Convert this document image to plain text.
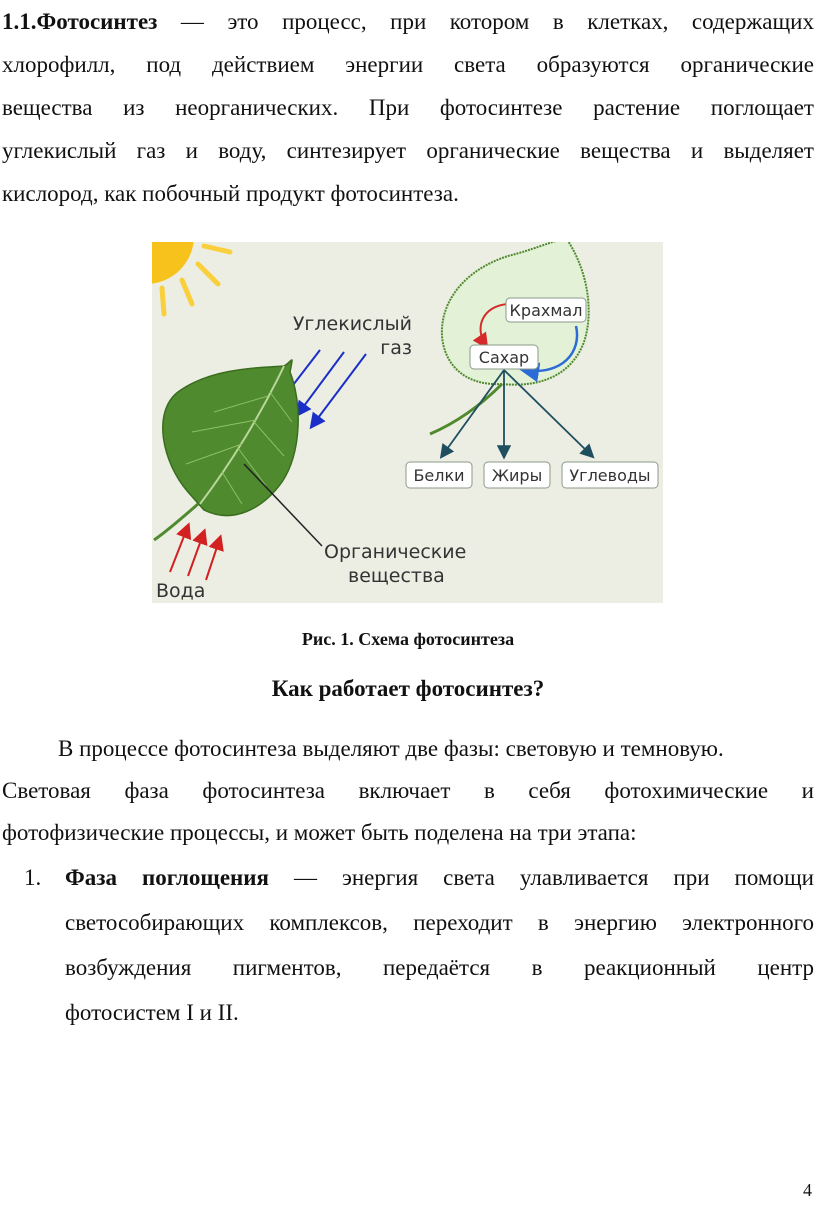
1.1.Фотосинтез — это процесс, при котором в клетках, содержащих
хлорофилл, под действием энергии света образуются органические
вещества из неорганических. При фотосинтезе растение поглощает
углекислый газ и воду, синтезирует органические вещества и выделяет
кислород, как побочный продукт фотосинтеза.
Углекислый
газ
Вода
Органические
вещества
Крахмал
Сахар
Белки Жиры Углеводы

Рис. 1. Схема фотосинтеза

Как работает фотосинтез?

В процессе фотосинтеза выделяют две фазы: световую и темновую.
Световая фаза фотосинтеза включает в себя фотохимические и
фотофизические процессы, и может быть поделена на три этапа:
1. Фаза поглощения — энергия света улавливается при помощи
светособирающих комплексов, переходит в энергию электронного
возбуждения пигментов, передаётся в реакционный центр
фотосистем I и II.
4
